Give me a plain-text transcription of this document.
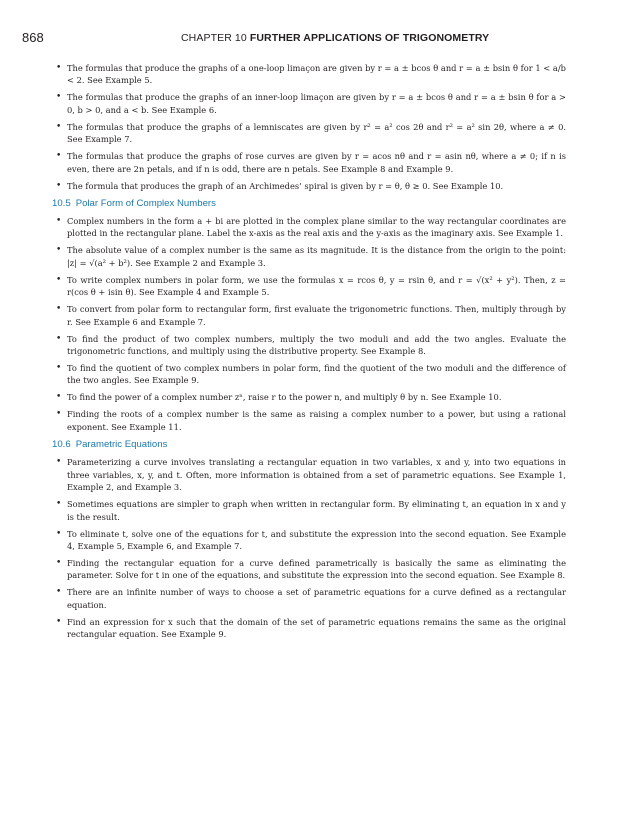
868	CHAPTER 10 FURTHER APPLICATIONS OF TRIGONOMETRY
• The formulas that produce the graphs of a one-loop limaçon are given by r = a ± bcos θ and r = a ± bsin θ for 1 < a/b < 2. See Example 5.
• The formulas that produce the graphs of an inner-loop limaçon are given by r = a ± bcos θ and r = a ± bsin θ for a > 0, b > 0, and a < b. See Example 6.
• The formulas that produce the graphs of a lemniscates are given by r² = a² cos 2θ and r² = a² sin 2θ, where a ≠ 0. See Example 7.
• The formulas that produce the graphs of rose curves are given by r = acos nθ and r = asin nθ, where a ≠ 0; if n is even, there are 2n petals, and if n is odd, there are n petals. See Example 8 and Example 9.
• The formula that produces the graph of an Archimedes’ spiral is given by r = θ, θ ≥ 0. See Example 10.
10.5 Polar Form of Complex Numbers
• Complex numbers in the form a + bi are plotted in the complex plane similar to the way rectangular coordinates are plotted in the rectangular plane. Label the x-axis as the real axis and the y-axis as the imaginary axis. See Example 1.
• The absolute value of a complex number is the same as its magnitude. It is the distance from the origin to the point: |z| = √(a² + b²). See Example 2 and Example 3.
• To write complex numbers in polar form, we use the formulas x = rcos θ, y = rsin θ, and r = √(x² + y²). Then, z = r(cos θ + isin θ). See Example 4 and Example 5.
• To convert from polar form to rectangular form, first evaluate the trigonometric functions. Then, multiply through by r. See Example 6 and Example 7.
• To find the product of two complex numbers, multiply the two moduli and add the two angles. Evaluate the trigonometric functions, and multiply using the distributive property. See Example 8.
• To find the quotient of two complex numbers in polar form, find the quotient of the two moduli and the difference of the two angles. See Example 9.
• To find the power of a complex number zⁿ, raise r to the power n, and multiply θ by n. See Example 10.
• Finding the roots of a complex number is the same as raising a complex number to a power, but using a rational exponent. See Example 11.
10.6 Parametric Equations
• Parameterizing a curve involves translating a rectangular equation in two variables, x and y, into two equations in three variables, x, y, and t. Often, more information is obtained from a set of parametric equations. See Example 1, Example 2, and Example 3.
• Sometimes equations are simpler to graph when written in rectangular form. By eliminating t, an equation in x and y is the result.
• To eliminate t, solve one of the equations for t, and substitute the expression into the second equation. See Example 4, Example 5, Example 6, and Example 7.
• Finding the rectangular equation for a curve defined parametrically is basically the same as eliminating the parameter. Solve for t in one of the equations, and substitute the expression into the second equation. See Example 8.
• There are an infinite number of ways to choose a set of parametric equations for a curve defined as a rectangular equation.
• Find an expression for x such that the domain of the set of parametric equations remains the same as the original rectangular equation. See Example 9.
